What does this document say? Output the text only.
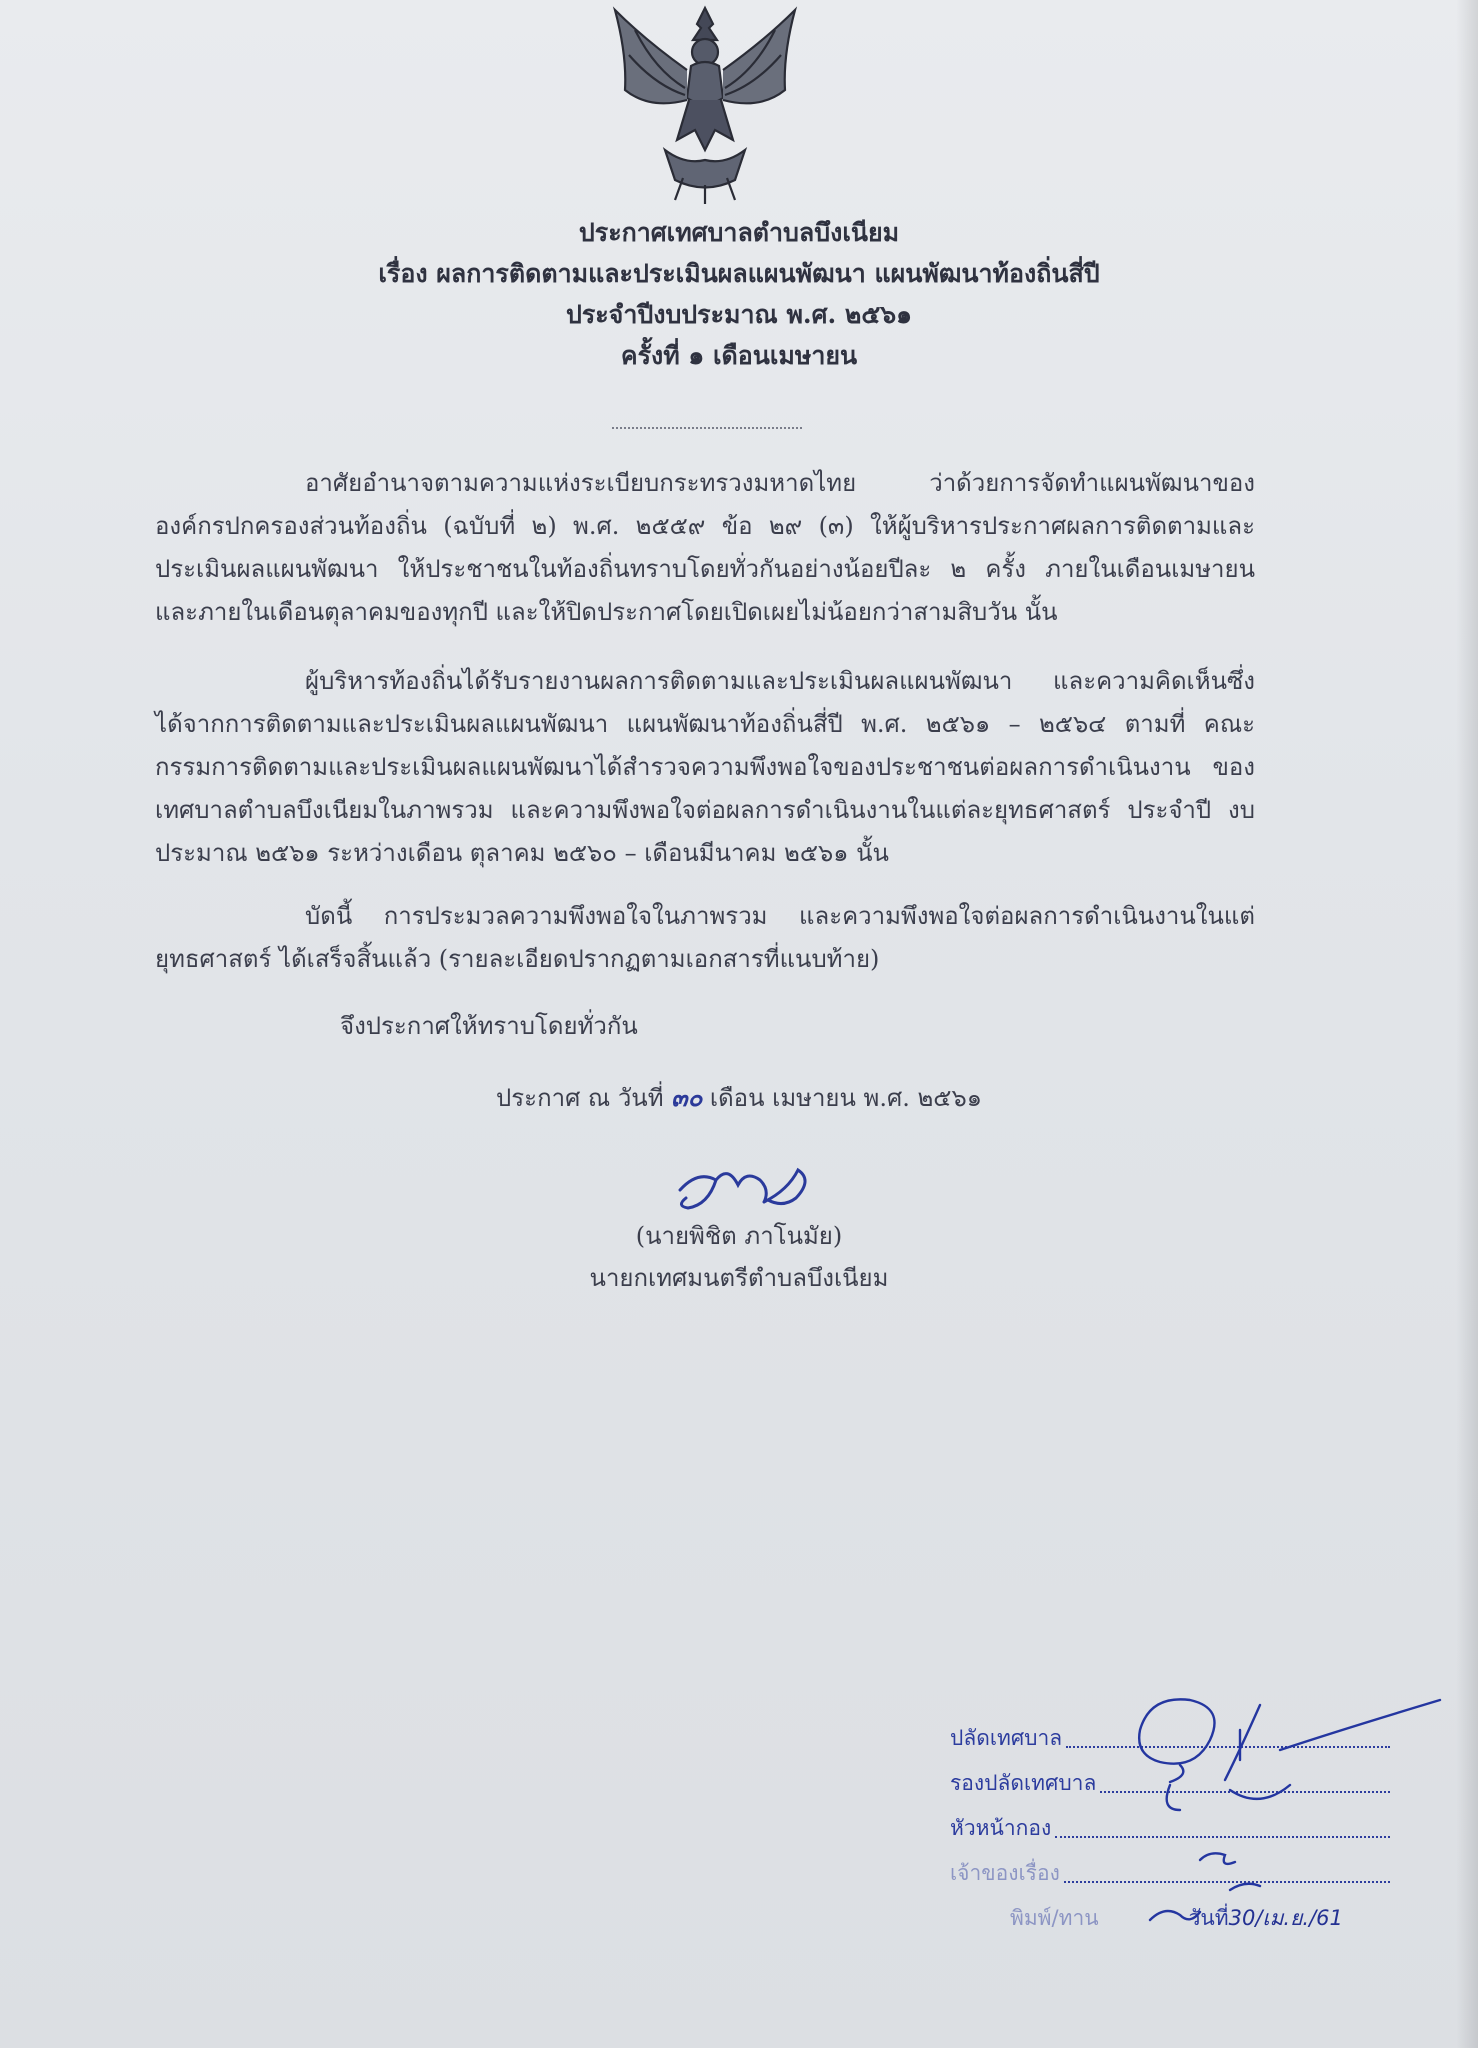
ประกาศเทศบาลตำบลบึงเนียม
เรื่อง ผลการติดตามและประเมินผลแผนพัฒนา แผนพัฒนาท้องถิ่นสี่ปี
ประจำปีงบประมาณ พ.ศ. ๒๕๖๑
ครั้งที่ ๑ เดือนเมษายน
อาศัยอำนาจตามความแห่งระเบียบกระทรวงมหาดไทย ว่าด้วยการจัดทำแผนพัฒนาของ องค์กรปกครองส่วนท้องถิ่น (ฉบับที่ ๒) พ.ศ. ๒๕๕๙ ข้อ ๒๙ (๓) ให้ผู้บริหารประกาศผลการติดตามและ ประเมินผลแผนพัฒนา ให้ประชาชนในท้องถิ่นทราบโดยทั่วกันอย่างน้อยปีละ ๒ ครั้ง ภายในเดือนเมษายน และภายในเดือนตุลาคมของทุกปี และให้ปิดประกาศโดยเปิดเผยไม่น้อยกว่าสามสิบวัน นั้น
ผู้บริหารท้องถิ่นได้รับรายงานผลการติดตามและประเมินผลแผนพัฒนา และความคิดเห็นซึ่ง ได้จากการติดตามและประเมินผลแผนพัฒนา แผนพัฒนาท้องถิ่นสี่ปี พ.ศ. ๒๕๖๑ – ๒๕๖๔ ตามที่ คณะกรรมการติดตามและประเมินผลแผนพัฒนาได้สำรวจความพึงพอใจของประชาชนต่อผลการดำเนินงาน ของเทศบาลตำบลบึงเนียมในภาพรวม และความพึงพอใจต่อผลการดำเนินงานในแต่ละยุทธศาสตร์ ประจำปี งบประมาณ ๒๕๖๑ ระหว่างเดือน ตุลาคม ๒๕๖๐ – เดือนมีนาคม ๒๕๖๑ นั้น
บัดนี้ การประมวลความพึงพอใจในภาพรวม และความพึงพอใจต่อผลการดำเนินงานในแต่ ยุทธศาสตร์ ได้เสร็จสิ้นแล้ว (รายละเอียดปรากฏตามเอกสารที่แนบท้าย)
จึงประกาศให้ทราบโดยทั่วกัน
ประกาศ ณ วันที่ ๓๐ เดือน เมษายน พ.ศ. ๒๕๖๑
(นายพิชิต ภาโนมัย)
นายกเทศมนตรีตำบลบึงเนียม
ปลัดเทศบาล
รองปลัดเทศบาล
หัวหน้ากอง
เจ้าของเรื่อง
พิมพ์/ทาน	วันที่ 30/เม.ย./61
